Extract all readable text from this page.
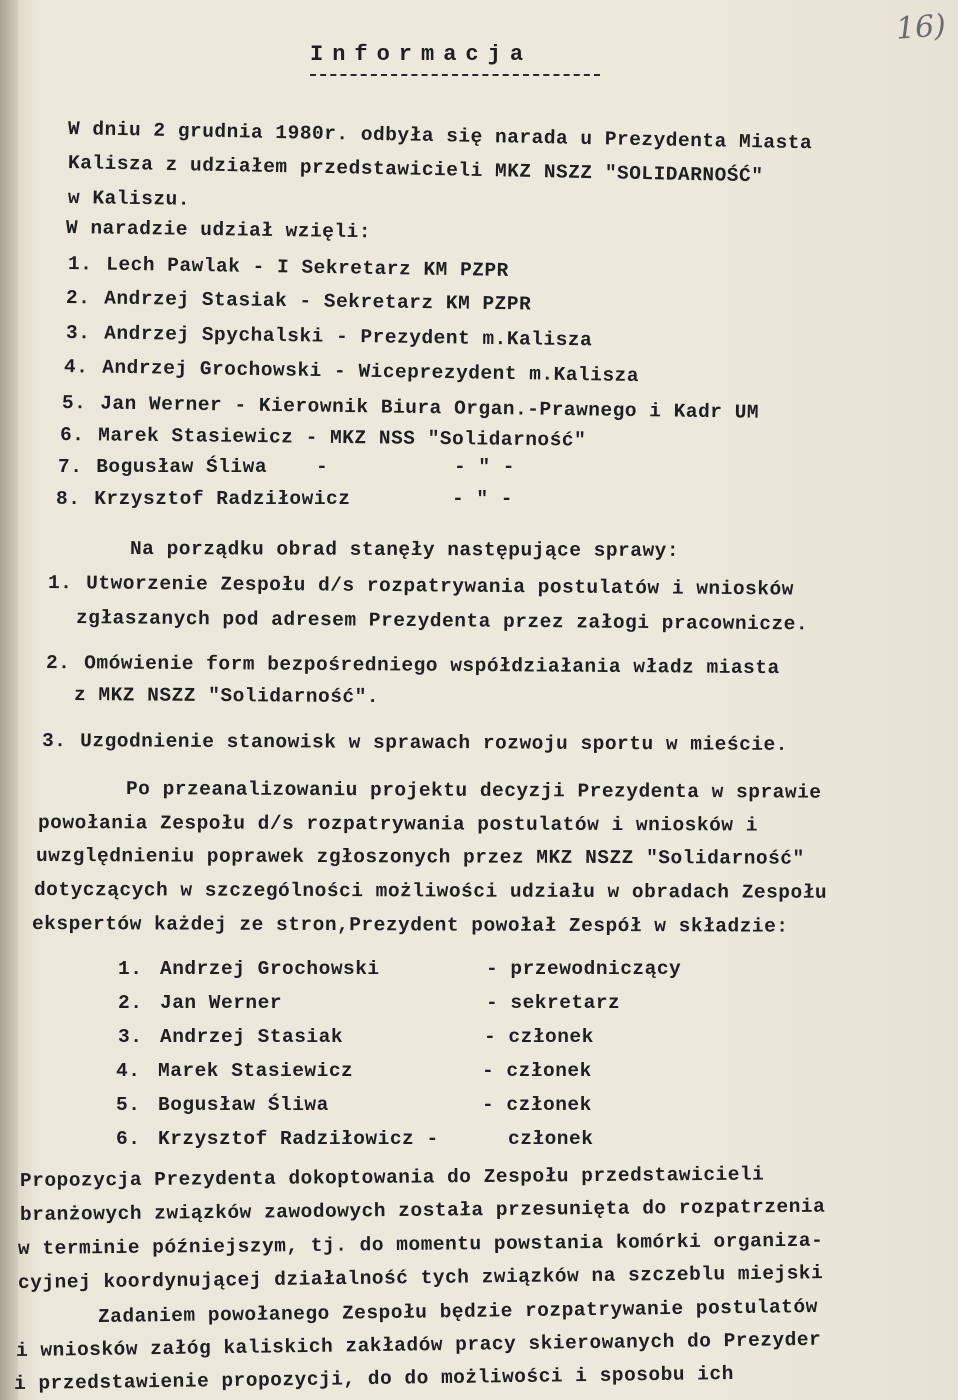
16)
Informacja
W dniu 2 grudnia 1980r. odbyła się narada u Prezydenta Miasta
Kalisza z udziałem przedstawicieli MKZ NSZZ "SOLIDARNOŚĆ"
w Kaliszu.
W naradzie udział wzięli:
1. Lech Pawlak - I Sekretarz KM PZPR
2. Andrzej Stasiak - Sekretarz KM PZPR
3. Andrzej Spychalski - Prezydent m.Kalisza
4. Andrzej Grochowski - Wiceprezydent m.Kalisza
5. Jan Werner - Kierownik Biura Organ.-Prawnego i Kadr UM
6. Marek Stasiewicz - MKZ NSS "Solidarność"
7. Bogusław Śliwa	-	- " -
8. Krzysztof Radziłowicz	- " -
Na porządku obrad stanęły następujące sprawy:
1. Utworzenie Zespołu d/s rozpatrywania postulatów i wniosków
zgłaszanych pod adresem Prezydenta przez załogi pracownicze.
2. Omówienie form bezpośredniego współdziałania władz miasta
z MKZ NSZZ "Solidarność".
3. Uzgodnienie stanowisk w sprawach rozwoju sportu w mieście.
Po przeanalizowaniu projektu decyzji Prezydenta w sprawie
powołania Zespołu d/s rozpatrywania postulatów i wniosków i
uwzględnieniu poprawek zgłoszonych przez MKZ NSZZ "Solidarność"
dotyczących w szczególności możliwości udziału w obradach Zespołu
ekspertów każdej ze stron,Prezydent powołał Zespół w składzie:
1. Andrzej Grochowski	- przewodniczący
2. Jan Werner	- sekretarz
3. Andrzej Stasiak	- członek
4. Marek Stasiewicz	- członek
5. Bogusław Śliwa	- członek
6. Krzysztof Radziłowicz -	członek
Propozycja Prezydenta dokoptowania do Zespołu przedstawicieli
branżowych związków zawodowych została przesunięta do rozpatrzenia
w terminie późniejszym, tj. do momentu powstania komórki organiza-
cyjnej koordynującej działalność tych związków na szczeblu miejski
Zadaniem powołanego Zespołu będzie rozpatrywanie postulatów
i wniosków załóg kaliskich zakładów pracy skierowanych do Prezyder
i przedstawienie propozycji, do do możliwości i sposobu ich
